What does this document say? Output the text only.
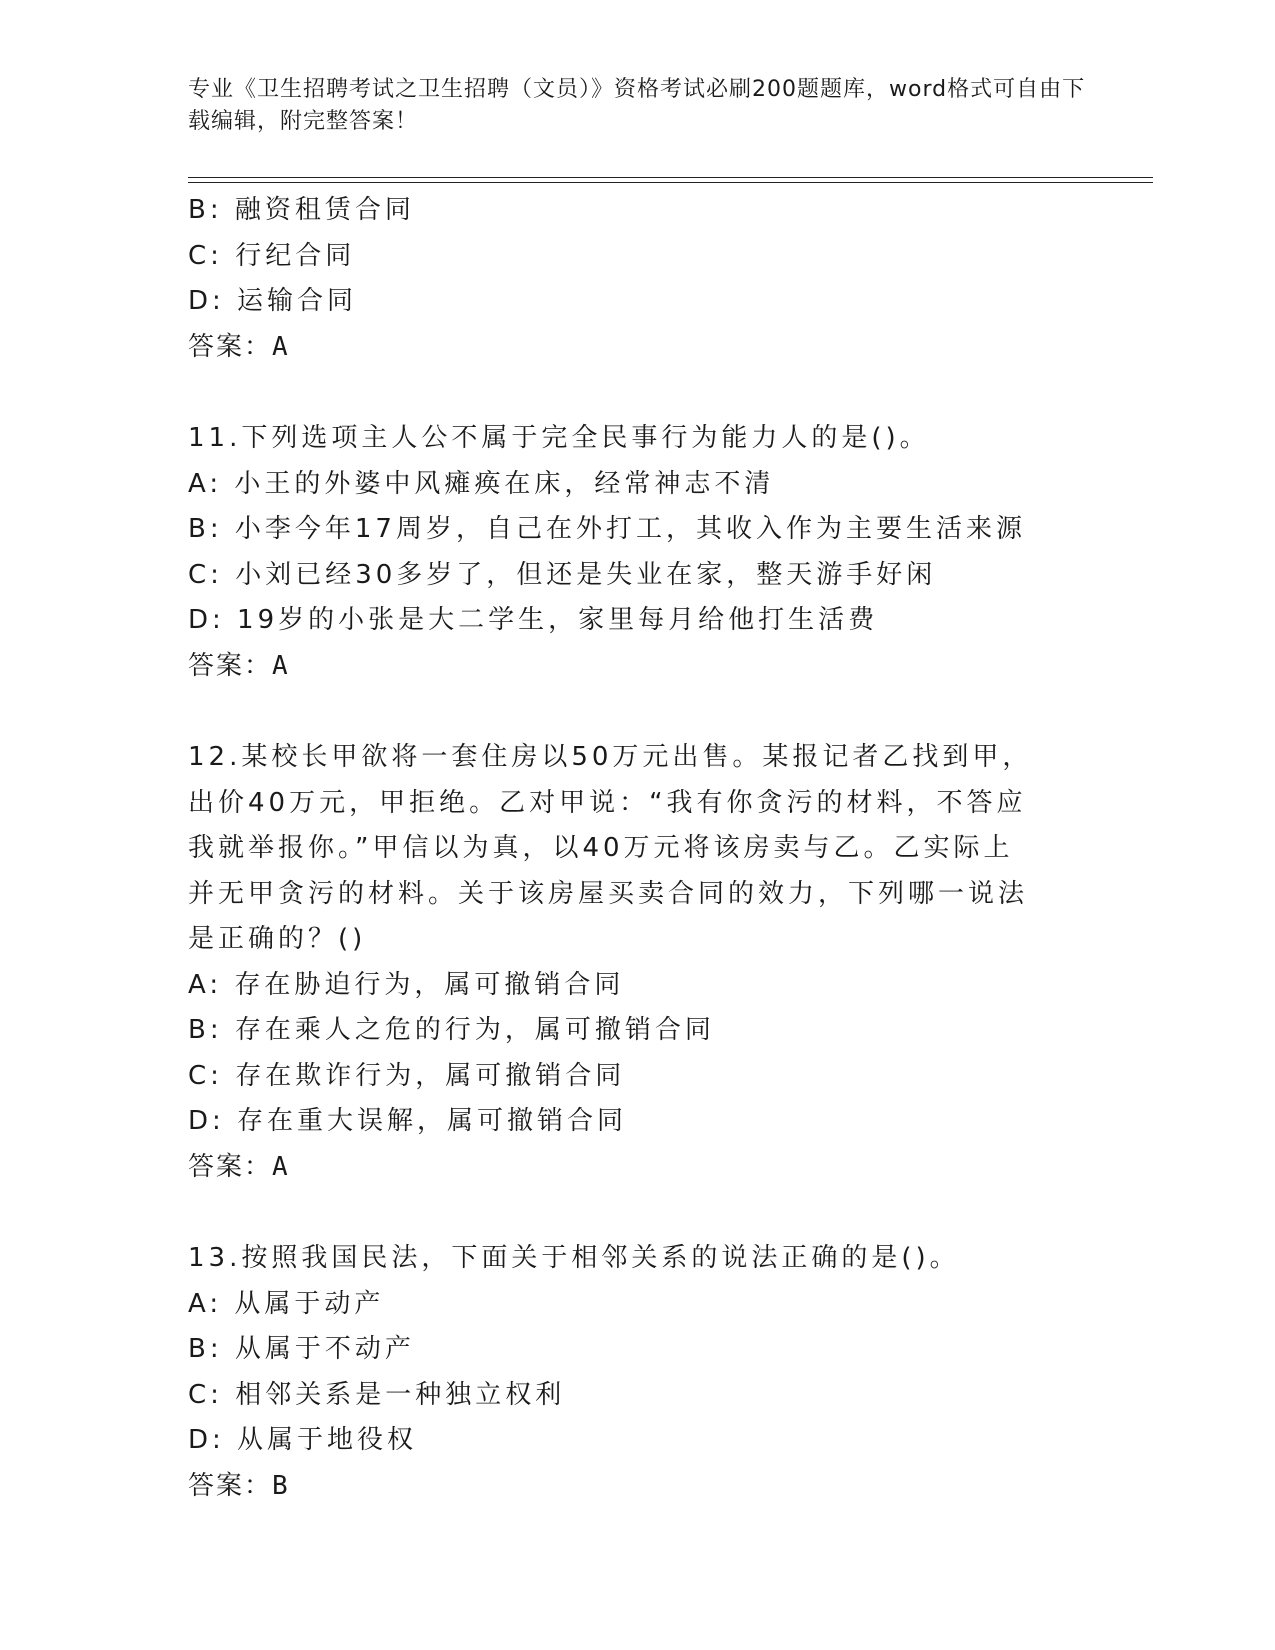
专业《卫生招聘考试之卫生招聘（文员）》资格考试必刷200题题库，word格式可自由下载编辑，附完整答案！
B: 融资租赁合同
C: 行纪合同
D: 运输合同
答案：A
11.下列选项主人公不属于完全民事行为能力人的是()。
A: 小王的外婆中风瘫痪在床，经常神志不清
B: 小李今年17周岁，自己在外打工，其收入作为主要生活来源
C: 小刘已经30多岁了，但还是失业在家，整天游手好闲
D: 19岁的小张是大二学生，家里每月给他打生活费
答案：A
12.某校长甲欲将一套住房以50万元出售。某报记者乙找到甲，出价40万元，甲拒绝。乙对甲说：“我有你贪污的材料，不答应我就举报你。”甲信以为真，以40万元将该房卖与乙。乙实际上并无甲贪污的材料。关于该房屋买卖合同的效力，下列哪一说法是正确的？()
A: 存在胁迫行为，属可撤销合同
B: 存在乘人之危的行为，属可撤销合同
C: 存在欺诈行为，属可撤销合同
D: 存在重大误解，属可撤销合同
答案：A
13.按照我国民法，下面关于相邻关系的说法正确的是()。
A: 从属于动产
B: 从属于不动产
C: 相邻关系是一种独立权利
D: 从属于地役权
答案：B
